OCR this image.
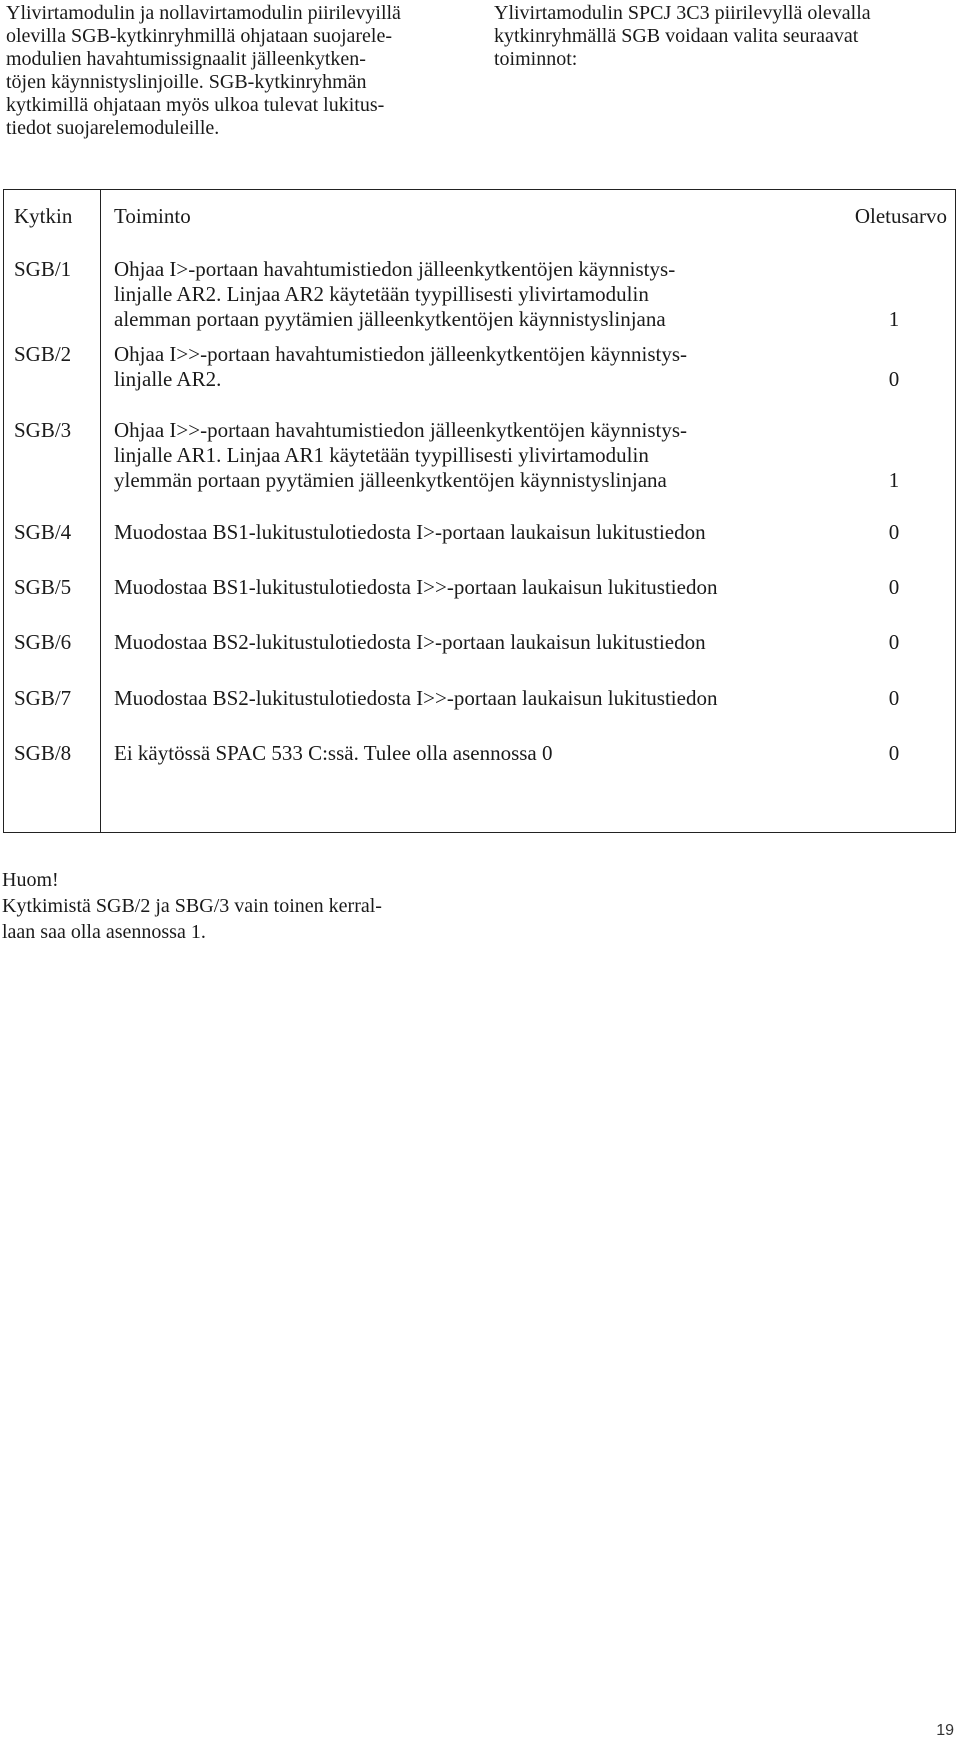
Ylivirtamodulin ja nollavirtamodulin piirilevyillä
olevilla SGB-kytkinryhmillä ohjataan suojarele-
modulien havahtumissignaalit jälleenkytken-
töjen käynnistyslinjoille. SGB-kytkinryhmän
kytkimillä ohjataan myös ulkoa tulevat lukitus-
tiedot suojarelemoduleille.
Ylivirtamodulin SPCJ 3C3 piirilevyllä olevalla
kytkinryhmällä SGB voidaan valita seuraavat
toiminnot:
Kytkin Toiminto	Oletusarvo
SGB/1 Ohjaa I>-portaan havahtumistiedon jälleenkytkentöjen käynnistys-
linjalle AR2. Linjaa AR2 käytetään tyypillisesti ylivirtamodulin
alemman portaan pyytämien jälleenkytkentöjen käynnistyslinjana	1
SGB/2 Ohjaa I>>-portaan havahtumistiedon jälleenkytkentöjen käynnistys-
linjalle AR2.	0
SGB/3 Ohjaa I>>-portaan havahtumistiedon jälleenkytkentöjen käynnistys-
linjalle AR1. Linjaa AR1 käytetään tyypillisesti ylivirtamodulin
ylemmän portaan pyytämien jälleenkytkentöjen käynnistyslinjana	1
SGB/4 Muodostaa BS1-lukitustulotiedosta I>-portaan laukaisun lukitustiedon	0
SGB/5 Muodostaa BS1-lukitustulotiedosta I>>-portaan laukaisun lukitustiedon	0
SGB/6 Muodostaa BS2-lukitustulotiedosta I>-portaan laukaisun lukitustiedon	0
SGB/7 Muodostaa BS2-lukitustulotiedosta I>>-portaan laukaisun lukitustiedon	0
SGB/8 Ei käytössä SPAC 533 C:ssä. Tulee olla asennossa 0	0
Huom!
Kytkimistä SGB/2 ja SBG/3 vain toinen kerral-
laan saa olla asennossa 1.
19
